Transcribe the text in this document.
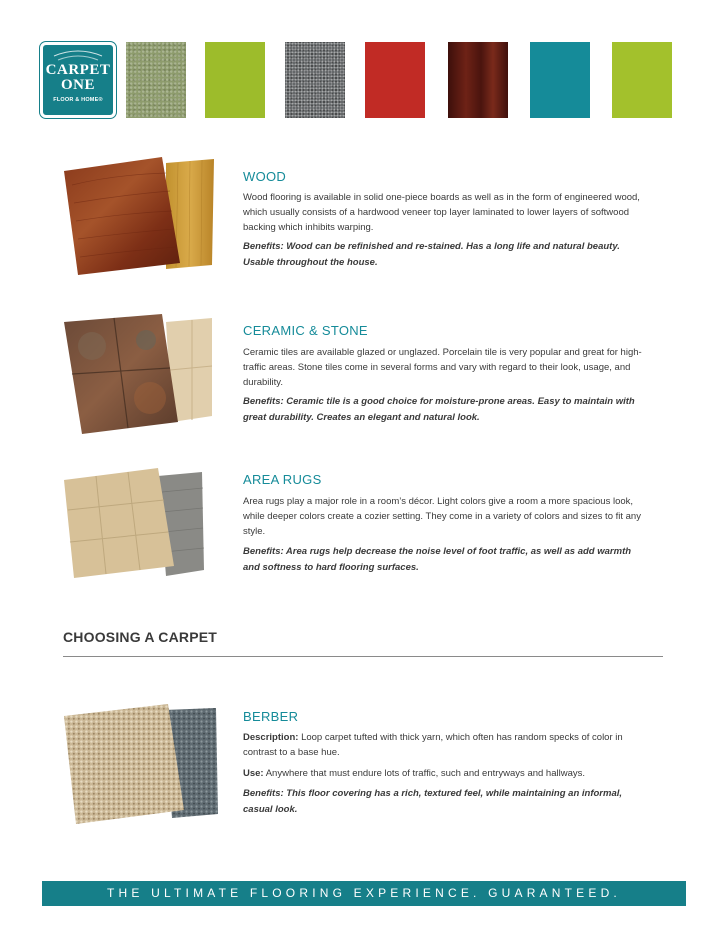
CARPET
ONE
FLOOR & HOME®
WOOD

Wood flooring is available in solid one-piece boards as well as in the form of engineered wood, which usually consists of a hardwood veneer top layer laminated to lower layers of softwood backing which inhibits warping.

Benefits: Wood can be refinished and re-stained. Has a long life and natural beauty. Usable throughout the house.

CERAMIC & STONE

Ceramic tiles are available glazed or unglazed. Porcelain tile is very popular and great for high-traffic areas. Stone tiles come in several forms and vary with regard to their look, usage, and durability.

Benefits: Ceramic tile is a good choice for moisture-prone areas. Easy to maintain with great durability. Creates an elegant and natural look.

AREA RUGS

Area rugs play a major role in a room’s décor. Light colors give a room a more spacious look, while deeper colors create a cozier setting. They come in a variety of colors and sizes to fit any style.

Benefits: Area rugs help decrease the noise level of foot traffic, as well as add warmth and softness to hard flooring surfaces.

CHOOSING A CARPET
BERBER

Description: Loop carpet tufted with thick yarn, which often has random specks of color in contrast to a base hue.

Use: Anywhere that must endure lots of traffic, such and entryways and hallways.

Benefits: This floor covering has a rich, textured feel, while maintaining an informal, casual look.

THE ULTIMATE FLOORING EXPERIENCE. GUARANTEED.
